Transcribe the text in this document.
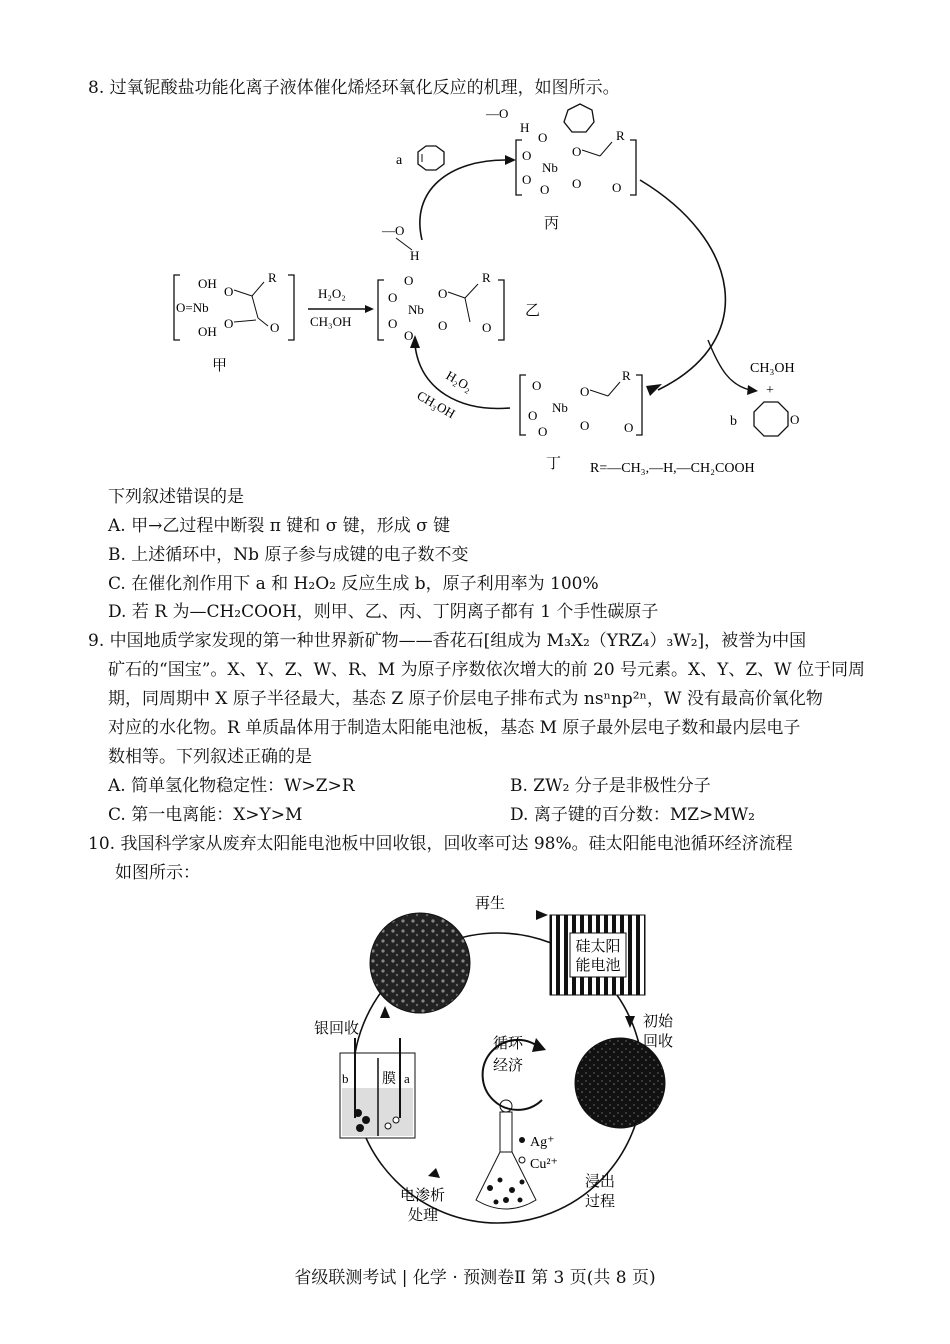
8. 过氧铌酸盐功能化离子液体催化烯烃环氧化反应的机理，如图所示。
OH
O=Nb
OH
O
O
R
O
甲
H₂O₂
CH₃OH
—O
H
O
O
Nb
O
O
O
O
R
O
乙
—O
H
O
O
Nb
O
O
O
O
R
O
丙
a
O
Nb
O
O
O
O
R
O
丁
H₂O₂
CH₃OH
CH₃OH
+
b	O
R=—CH₃,—H,—CH₂COOH
下列叙述错误的是
A. 甲→乙过程中断裂 π 键和 σ 键，形成 σ 键
B. 上述循环中，Nb 原子参与成键的电子数不变
C. 在催化剂作用下 a 和 H₂O₂ 反应生成 b，原子利用率为 100%
D. 若 R 为—CH₂COOH，则甲、乙、丙、丁阴离子都有 1 个手性碳原子
9. 中国地质学家发现的第一种世界新矿物——香花石[组成为 M₃X₂（YRZ₄）₃W₂]，被誉为中国
矿石的“国宝”。X、Y、Z、W、R、M 为原子序数依次增大的前 20 号元素。X、Y、Z、W 位于同周
期，同周期中 X 原子半径最大，基态 Z 原子价层电子排布式为 nsⁿnp²ⁿ，W 没有最高价氧化物
对应的水化物。R 单质晶体用于制造太阳能电池板，基态 M 原子最外层电子数和最内层电子
数相等。下列叙述正确的是
A. 简单氢化物稳定性：W>Z>R	B. ZW₂ 分子是非极性分子
C. 第一电离能：X>Y>M	D. 离子键的百分数：MZ>MW₂
10. 我国科学家从废弃太阳能电池板中回收银，回收率可达 98%。硅太阳能电池循环经济流程
如图所示：
硅太阳
能电池
再生
初始
回收
循环
经济
Ag⁺
Cu²⁺
浸出
过程
b 膜 a
银回收
电渗析
处理
省级联测考试 | 化学 · 预测卷Ⅱ 第 3 页(共 8 页)
